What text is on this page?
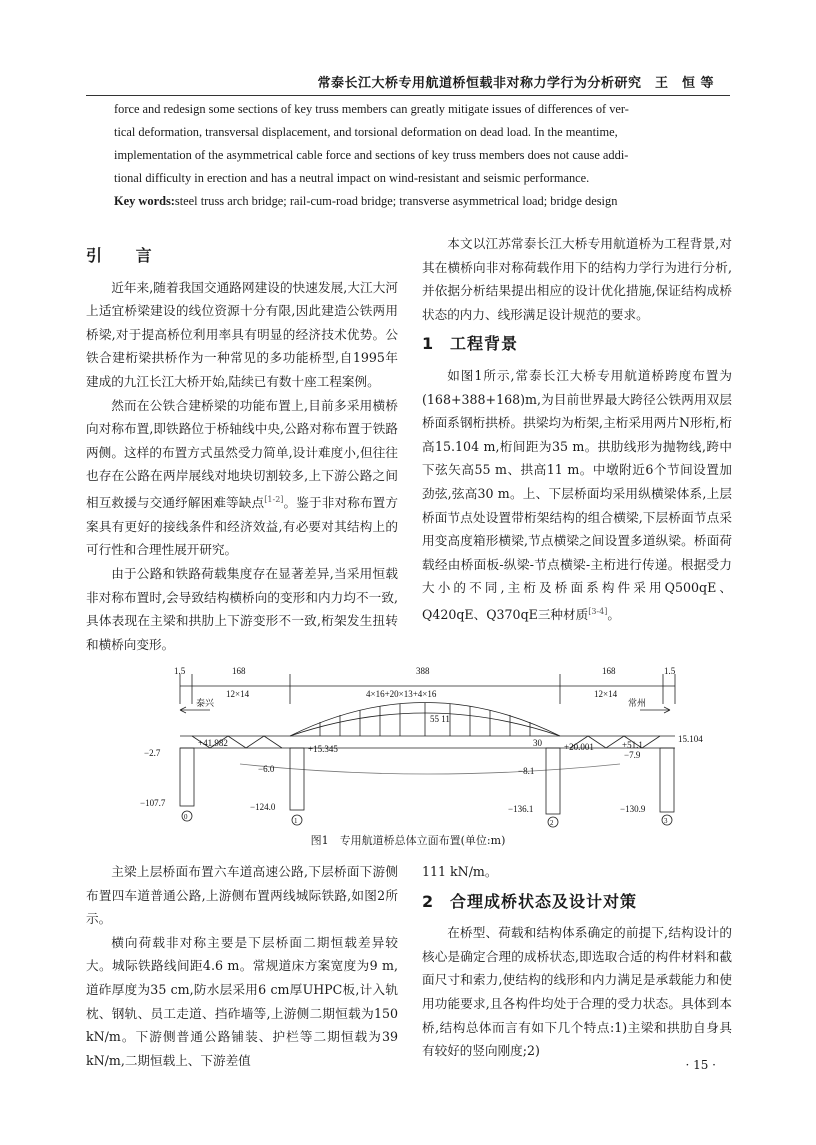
常泰长江大桥专用航道桥恒载非对称力学行为分析研究　王　恒 等

force and redesign some sections of key truss members can greatly mitigate issues of differences of ver-

tical deformation, transversal displacement, and torsional deformation on dead load. In the meantime,

implementation of the asymmetrical cable force and sections of key truss members does not cause addi-

tional difficulty in erection and has a neutral impact on wind-resistant and seismic performance.

Key words:steel truss arch bridge; rail-cum-road bridge; transverse asymmetrical load; bridge design
引 言

近年来,随着我国交通路网建设的快速发展,大江大河上适宜桥梁建设的线位资源十分有限,因此建造公铁两用桥梁,对于提高桥位利用率具有明显的经济技术优势。公铁合建桁梁拱桥作为一种常见的多功能桥型,自1995年建成的九江长江大桥开始,陆续已有数十座工程案例。

然而在公铁合建桥梁的功能布置上,目前多采用横桥向对称布置,即铁路位于桥轴线中央,公路对称布置于铁路两侧。这样的布置方式虽然受力简单,设计难度小,但往往也存在公路在两岸展线对地块切割较多,上下游公路之间相互救援与交通纾解困难等缺点[1-2]。鉴于非对称布置方案具有更好的接线条件和经济效益,有必要对其结构上的可行性和合理性展开研究。

由于公路和铁路荷载集度存在显著差异,当采用恒载非对称布置时,会导致结构横桥向的变形和内力均不一致,具体表现在主梁和拱肋上下游变形不一致,桁架发生扭转和横桥向变形。

本文以江苏常泰长江大桥专用航道桥为工程背景,对其在横桥向非对称荷载作用下的结构力学行为进行分析,并依据分析结果提出相应的设计优化措施,保证结构成桥状态的内力、线形满足设计规范的要求。

1 工程背景

如图1所示,常泰长江大桥专用航道桥跨度布置为(168+388+168)m,为目前世界最大跨径公铁两用双层桥面系钢桁拱桥。拱梁均为桁架,主桁采用两片N形桁,桁高15.104 m,桁间距为35 m。拱肋线形为抛物线,跨中下弦矢高55 m、拱高11 m。中墩附近6个节间设置加劲弦,弦高30 m。上、下层桥面均采用纵横梁体系,上层桥面节点处设置带桁架结构的组合横梁,下层桥面节点采用变高度箱形横梁,节点横梁之间设置多道纵梁。桥面荷载经由桥面板-纵梁-节点横梁-主桁进行传递。根据受力大小的不同,主桁及桥面系构件采用Q500qE、Q420qE、Q370qE三种材质[3-4]。

1.5	168	388	168	1.5
12×14	4×16+20×13+4×16	12×14
泰兴	常州
55 11
15.104
30
+41.982
+15.345	+20.001	+51.1
−2.7	−7.9
−6.0	−8.1
−107.7	−124.0	−136.1	−130.9
0	1	2	3
图1　专用航道桥总体立面布置(单位:m)

主梁上层桥面布置六车道高速公路,下层桥面下游侧布置四车道普通公路,上游侧布置两线城际铁路,如图2所示。

横向荷载非对称主要是下层桥面二期恒载差异较大。城际铁路线间距4.6 m。常规道床方案宽度为9 m,道砟厚度为35 cm,防水层采用6 cm厚UHPC板,计入轨枕、钢轨、员工走道、挡砟墙等,上游侧二期恒载为150 kN/m。下游侧普通公路铺装、护栏等二期恒载为39 kN/m,二期恒载上、下游差值

111 kN/m。

2 合理成桥状态及设计对策

在桥型、荷载和结构体系确定的前提下,结构设计的核心是确定合理的成桥状态,即选取合适的构件材料和截面尺寸和索力,使结构的线形和内力满足是承载能力和使用功能要求,且各构件均处于合理的受力状态。具体到本桥,结构总体而言有如下几个特点:1)主梁和拱肋自身具有较好的竖向刚度;2)

· 15 ·
